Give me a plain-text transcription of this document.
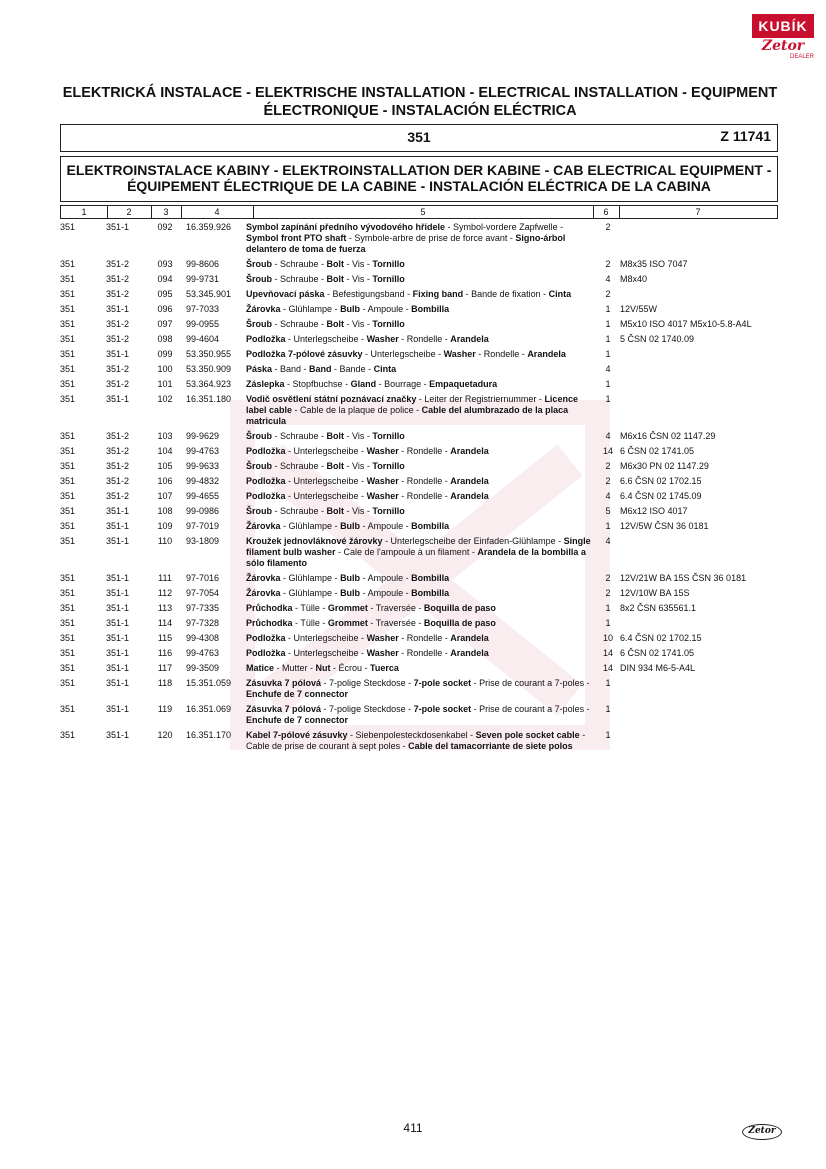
KUBÍK
Zetor
DEALER
ELEKTRICKÁ INSTALACE - ELEKTRISCHE INSTALLATION - ELECTRICAL INSTALLATION - EQUIPMENT
ÉLECTRONIQUE - INSTALACIÓN ELÉCTRICA
351	Z 11741
ELEKTROINSTALACE KABINY - ELEKTROINSTALLATION DER KABINE - CAB ELECTRICAL EQUIPMENT -
ÉQUIPEMENT ÉLECTRIQUE DE LA CABINE - INSTALACIÓN ELÉCTRICA DE LA CABINA
1	2	3	4	5	6	7
351	351-1	092	16.359.926	Symbol zapínání předního vývodového hřídele - Symbol-vordere Zapfwelle - Symbol front PTO shaft - Symbole-arbre de prise de force avant - Signo-árbol delantero de toma de fuerza	2	
351	351-2	093	99-8606	Šroub - Schraube - Bolt - Vis - Tornillo	2	M8x35 ISO 7047
351	351-2	094	99-9731	Šroub - Schraube - Bolt - Vis - Tornillo	4	M8x40
351	351-2	095	53.345.901	Upevňovací páska - Befestigungsband - Fixing band - Bande de fixation - Cinta	2	
351	351-1	096	97-7033	Žárovka - Glühlampe - Bulb - Ampoule - Bombilla	1	12V/55W
351	351-2	097	99-0955	Šroub - Schraube - Bolt - Vis - Tornillo	1	M5x10 ISO 4017 M5x10-5.8-A4L
351	351-2	098	99-4604	Podložka - Unterlegscheibe - Washer - Rondelle - Arandela	1	5 ČSN 02 1740.09
351	351-1	099	53.350.955	Podložka 7-pólové zásuvky - Unterlegscheibe - Washer - Rondelle - Arandela	1	
351	351-2	100	53.350.909	Páska - Band - Band - Bande - Cinta	4	
351	351-2	101	53.364.923	Záslepka - Stopfbuchse - Gland - Bourrage - Empaquetadura	1	
351	351-1	102	16.351.180	Vodič osvětlení státní poznávací značky - Leiter der Registriernummer - Licence label cable - Cable de la plaque de police - Cable del alumbrazado de la placa matricula	1	
351	351-2	103	99-9629	Šroub - Schraube - Bolt - Vis - Tornillo	4	M6x16 ČSN 02 1147.29
351	351-2	104	99-4763	Podložka - Unterlegscheibe - Washer - Rondelle - Arandela	14	6 ČSN 02 1741.05
351	351-2	105	99-9633	Šroub - Schraube - Bolt - Vis - Tornillo	2	M6x30 PN 02 1147.29
351	351-2	106	99-4832	Podložka - Unterlegscheibe - Washer - Rondelle - Arandela	2	6.6 ČSN 02 1702.15
351	351-2	107	99-4655	Podložka - Unterlegscheibe - Washer - Rondelle - Arandela	4	6.4 ČSN 02 1745.09
351	351-1	108	99-0986	Šroub - Schraube - Bolt - Vis - Tornillo	5	M6x12 ISO 4017
351	351-1	109	97-7019	Žárovka - Glühlampe - Bulb - Ampoule - Bombilla	1	12V/5W ČSN 36 0181
351	351-1	110	93-1809	Kroužek jednovláknové žárovky - Unterlegscheibe der Einfaden-Glühlampe - Single filament bulb washer - Cale de l'ampoule à un filament - Arandela de la bombilla a sólo filamento	4	
351	351-1	111	97-7016	Žárovka - Glühlampe - Bulb - Ampoule - Bombilla	2	12V/21W BA 15S ČSN 36 0181
351	351-1	112	97-7054	Žárovka - Glühlampe - Bulb - Ampoule - Bombilla	2	12V/10W BA 15S
351	351-1	113	97-7335	Průchodka - Tülle - Grommet - Traversée - Boquilla de paso	1	8x2 ČSN 635561.1
351	351-1	114	97-7328	Průchodka - Tülle - Grommet - Traversée - Boquilla de paso	1	
351	351-1	115	99-4308	Podložka - Unterlegscheibe - Washer - Rondelle - Arandela	10	6.4 ČSN 02 1702.15
351	351-1	116	99-4763	Podložka - Unterlegscheibe - Washer - Rondelle - Arandela	14	6 ČSN 02 1741.05
351	351-1	117	99-3509	Matice - Mutter - Nut - Écrou - Tuerca	14	DIN 934 M6-5-A4L
351	351-1	118	15.351.059	Zásuvka 7 pólová - 7-polige Steckdose - 7-pole socket - Prise de courant a 7-poles - Enchufe de 7 connector	1	
351	351-1	119	16.351.069	Zásuvka 7 pólová - 7-polige Steckdose - 7-pole socket - Prise de courant a 7-poles - Enchufe de 7 connector	1	
351	351-1	120	16.351.170	Kabel 7-pólové zásuvky - Siebenpolesteckdosenkabel - Seven pole socket cable - Cable de prise de courant à sept poles - Cable del tamacorriante de siete polos	1	
411	Zetor
